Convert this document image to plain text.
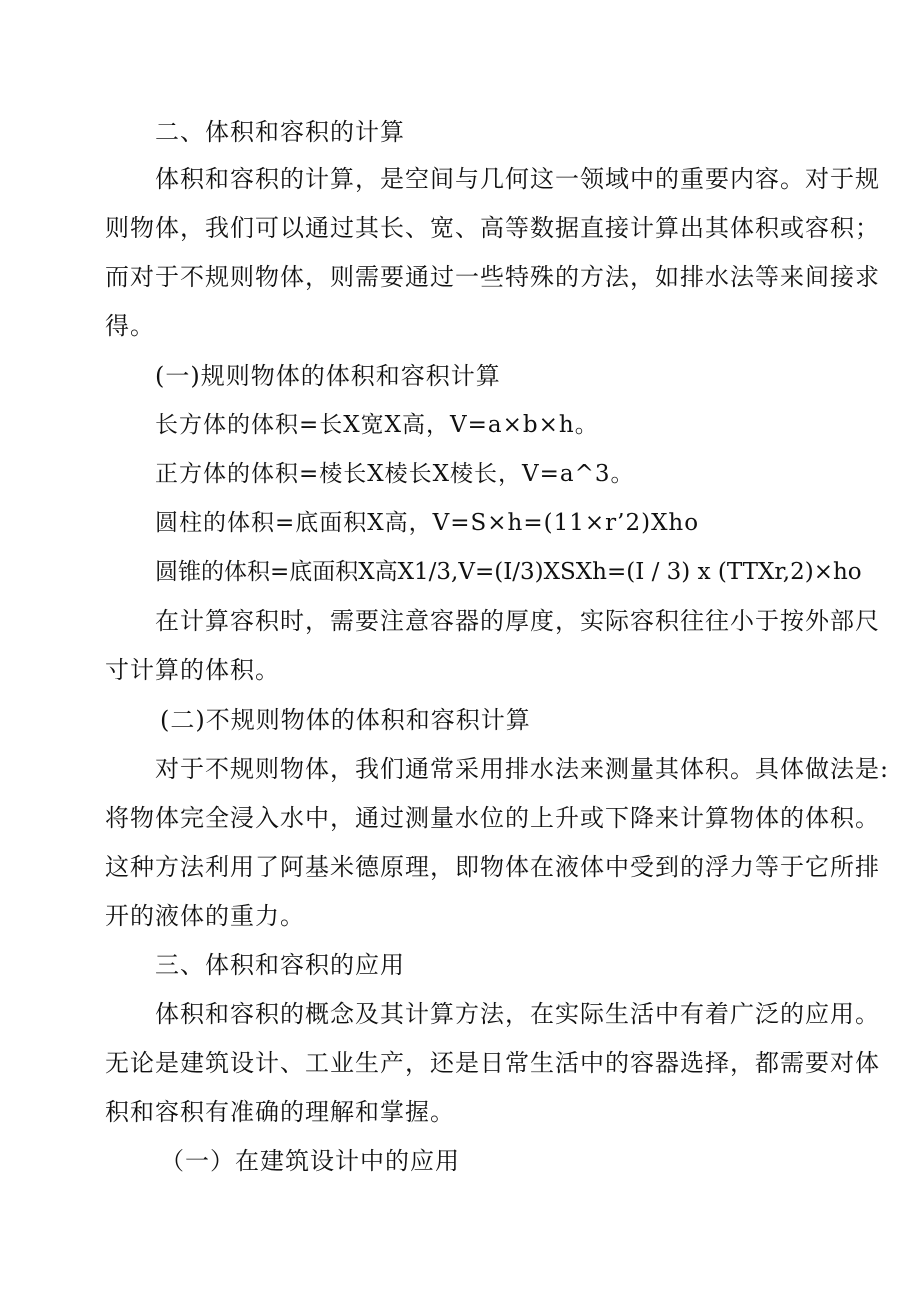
二、体积和容积的计算
体积和容积的计算，是空间与几何这一领域中的重要内容。对于规
则物体，我们可以通过其长、宽、高等数据直接计算出其体积或容积；
而对于不规则物体，则需要通过一些特殊的方法，如排水法等来间接求
得。
(一)规则物体的体积和容积计算
长方体的体积=长X宽X高，V=a×b×h。
正方体的体积=棱长X棱长X棱长，V=a^3。
圆柱的体积=底面积X高，V=S×h=(11×r’2)Xho
圆锥的体积=底面积X高X1/3,V=(I/3)XSXh=(I / 3) x (TTXr,2)×ho
在计算容积时，需要注意容器的厚度，实际容积往往小于按外部尺
寸计算的体积。
(二)不规则物体的体积和容积计算
对于不规则物体，我们通常采用排水法来测量其体积。具体做法是:
将物体完全浸入水中，通过测量水位的上升或下降来计算物体的体积。
这种方法利用了阿基米德原理，即物体在液体中受到的浮力等于它所排
开的液体的重力。
三、体积和容积的应用
体积和容积的概念及其计算方法，在实际生活中有着广泛的应用。
无论是建筑设计、工业生产，还是日常生活中的容器选择，都需要对体
积和容积有准确的理解和掌握。
（一）在建筑设计中的应用
